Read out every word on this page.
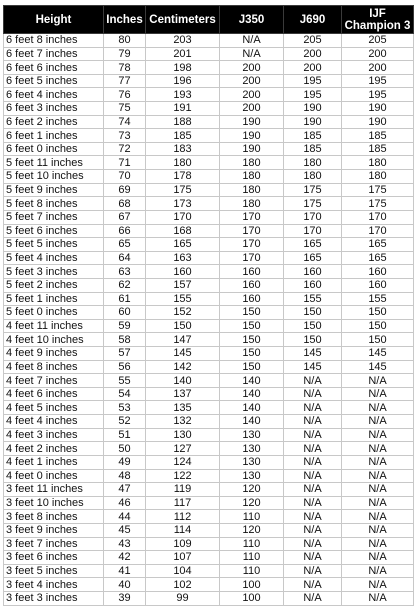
Height	Inches	Centimeters	J350	J690	IJF
Champion 3
6 feet 8 inches	80	203	N/A	205	205
6 feet 7 inches	79	201	N/A	200	200
6 feet 6 inches	78	198	200	200	200
6 feet 5 inches	77	196	200	195	195
6 feet 4 inches	76	193	200	195	195
6 feet 3 inches	75	191	200	190	190
6 feet 2 inches	74	188	190	190	190
6 feet 1 inches	73	185	190	185	185
6 feet 0 inches	72	183	190	185	185
5 feet 11 inches	71	180	180	180	180
5 feet 10 inches	70	178	180	180	180
5 feet 9 inches	69	175	180	175	175
5 feet 8 inches	68	173	180	175	175
5 feet 7 inches	67	170	170	170	170
5 feet 6 inches	66	168	170	170	170
5 feet 5 inches	65	165	170	165	165
5 feet 4 inches	64	163	170	165	165
5 feet 3 inches	63	160	160	160	160
5 feet 2 inches	62	157	160	160	160
5 feet 1 inches	61	155	160	155	155
5 feet 0 inches	60	152	150	150	150
4 feet 11 inches	59	150	150	150	150
4 feet 10 inches	58	147	150	150	150
4 feet 9 inches	57	145	150	145	145
4 feet 8 inches	56	142	150	145	145
4 feet 7 inches	55	140	140	N/A	N/A
4 feet 6 inches	54	137	140	N/A	N/A
4 feet 5 inches	53	135	140	N/A	N/A
4 feet 4 inches	52	132	140	N/A	N/A
4 feet 3 inches	51	130	130	N/A	N/A
4 feet 2 inches	50	127	130	N/A	N/A
4 feet 1 inches	49	124	130	N/A	N/A
4 feet 0 inches	48	122	130	N/A	N/A
3 feet 11 inches	47	119	120	N/A	N/A
3 feet 10 inches	46	117	120	N/A	N/A
3 feet 8 inches	44	112	110	N/A	N/A
3 feet 9 inches	45	114	120	N/A	N/A
3 feet 7 inches	43	109	110	N/A	N/A
3 feet 6 inches	42	107	110	N/A	N/A
3 feet 5 inches	41	104	110	N/A	N/A
3 feet 4 inches	40	102	100	N/A	N/A
3 feet 3 inches	39	99	100	N/A	N/A
